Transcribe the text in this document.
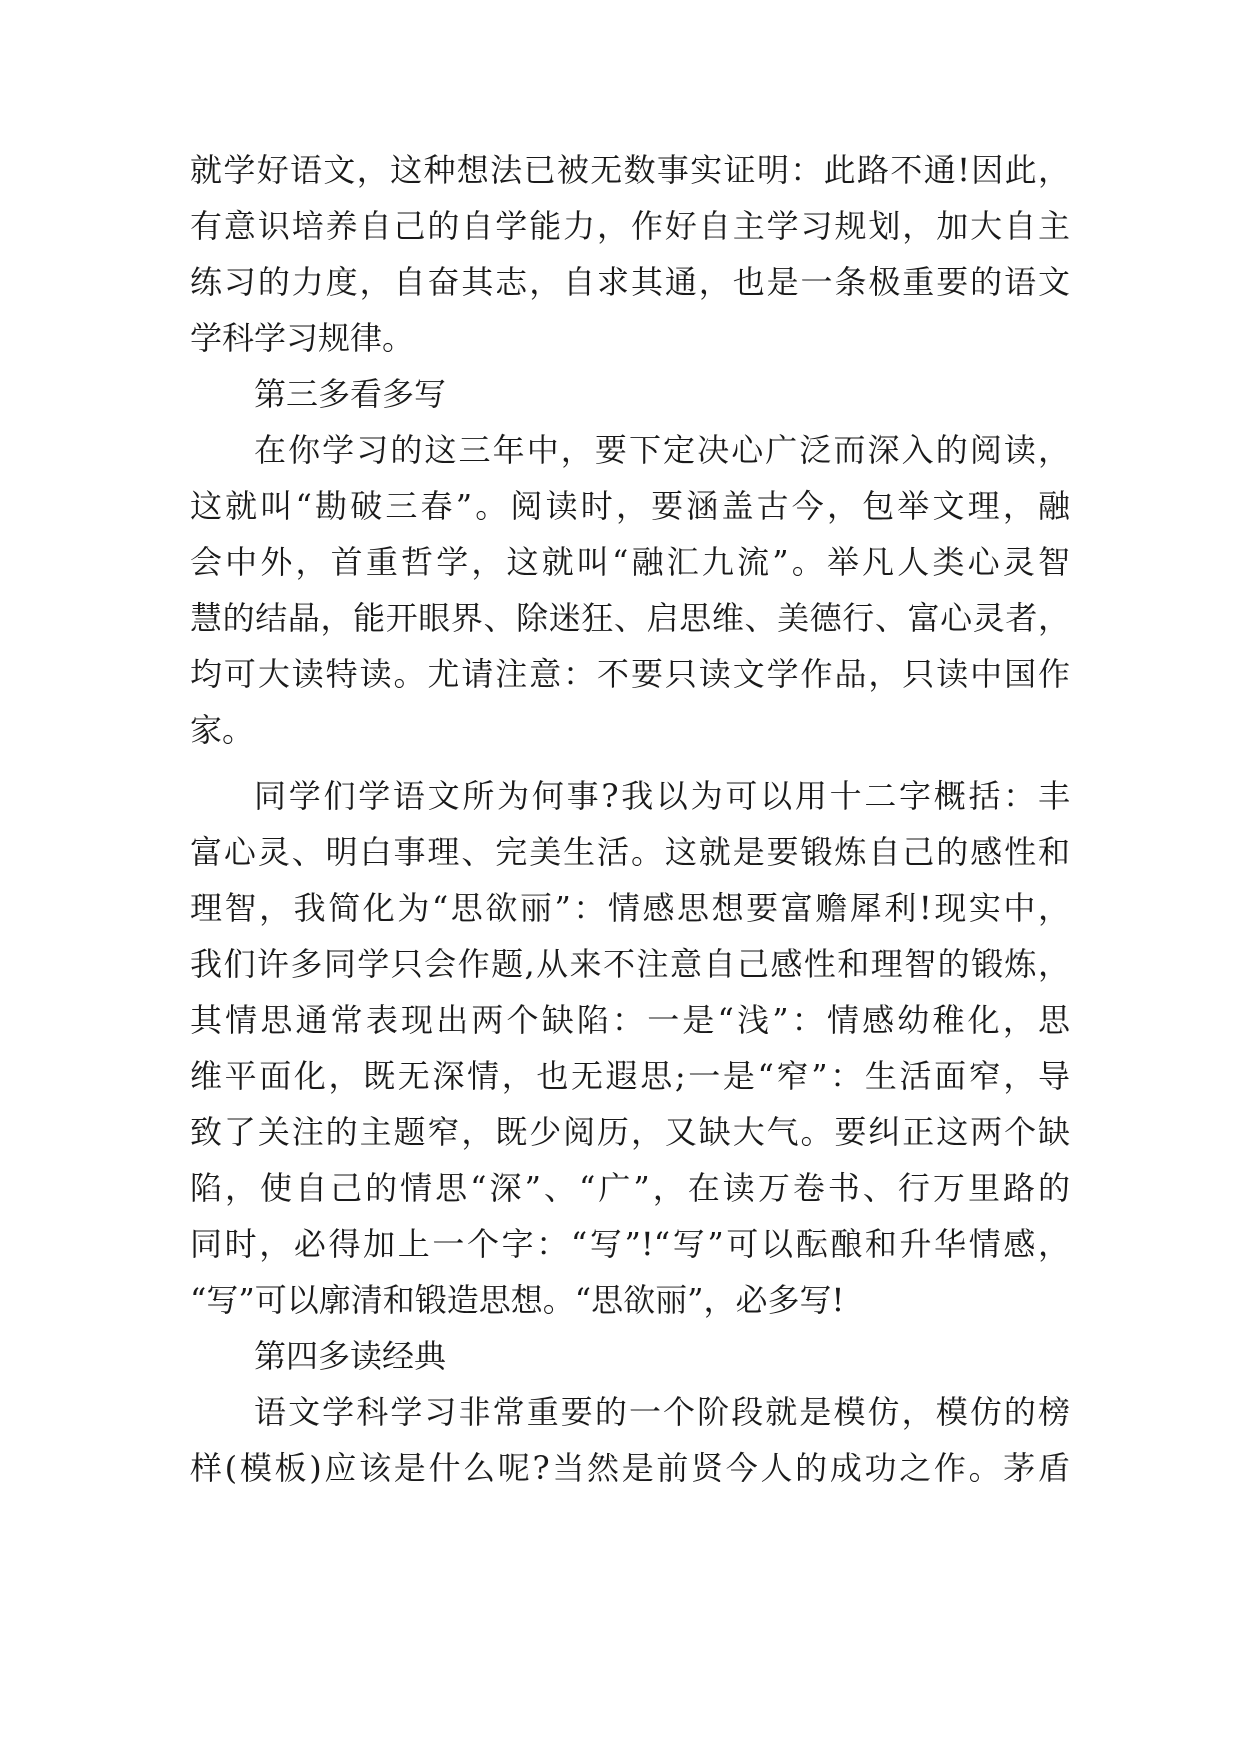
就学好语文，这种想法已被无数事实证明：此路不通!因此，
有意识培养自己的自学能力，作好自主学习规划，加大自主
练习的力度，自奋其志，自求其通，也是一条极重要的语文
学科学习规律。
第三多看多写
在你学习的这三年中，要下定决心广泛而深入的阅读，
这就叫“勘破三春”。阅读时，要涵盖古今，包举文理，融
会中外，首重哲学，这就叫“融汇九流”。举凡人类心灵智
慧的结晶，能开眼界、除迷狂、启思维、美德行、富心灵者，
均可大读特读。尤请注意：不要只读文学作品，只读中国作
家。
同学们学语文所为何事?我以为可以用十二字概括：丰
富心灵、明白事理、完美生活。这就是要锻炼自己的感性和
理智，我简化为“思欲丽”：情感思想要富赡犀利!现实中，
我们许多同学只会作题,从来不注意自己感性和理智的锻炼，
其情思通常表现出两个缺陷：一是“浅”：情感幼稚化，思
维平面化，既无深情，也无遐思;一是“窄”：生活面窄，导
致了关注的主题窄，既少阅历，又缺大气。要纠正这两个缺
陷，使自己的情思“深”、“广”，在读万卷书、行万里路的
同时，必得加上一个字：“写”!“写”可以酝酿和升华情感，
“写”可以廓清和锻造思想。“思欲丽”，必多写!
第四多读经典
语文学科学习非常重要的一个阶段就是模仿，模仿的榜
样(模板)应该是什么呢?当然是前贤今人的成功之作。茅盾
